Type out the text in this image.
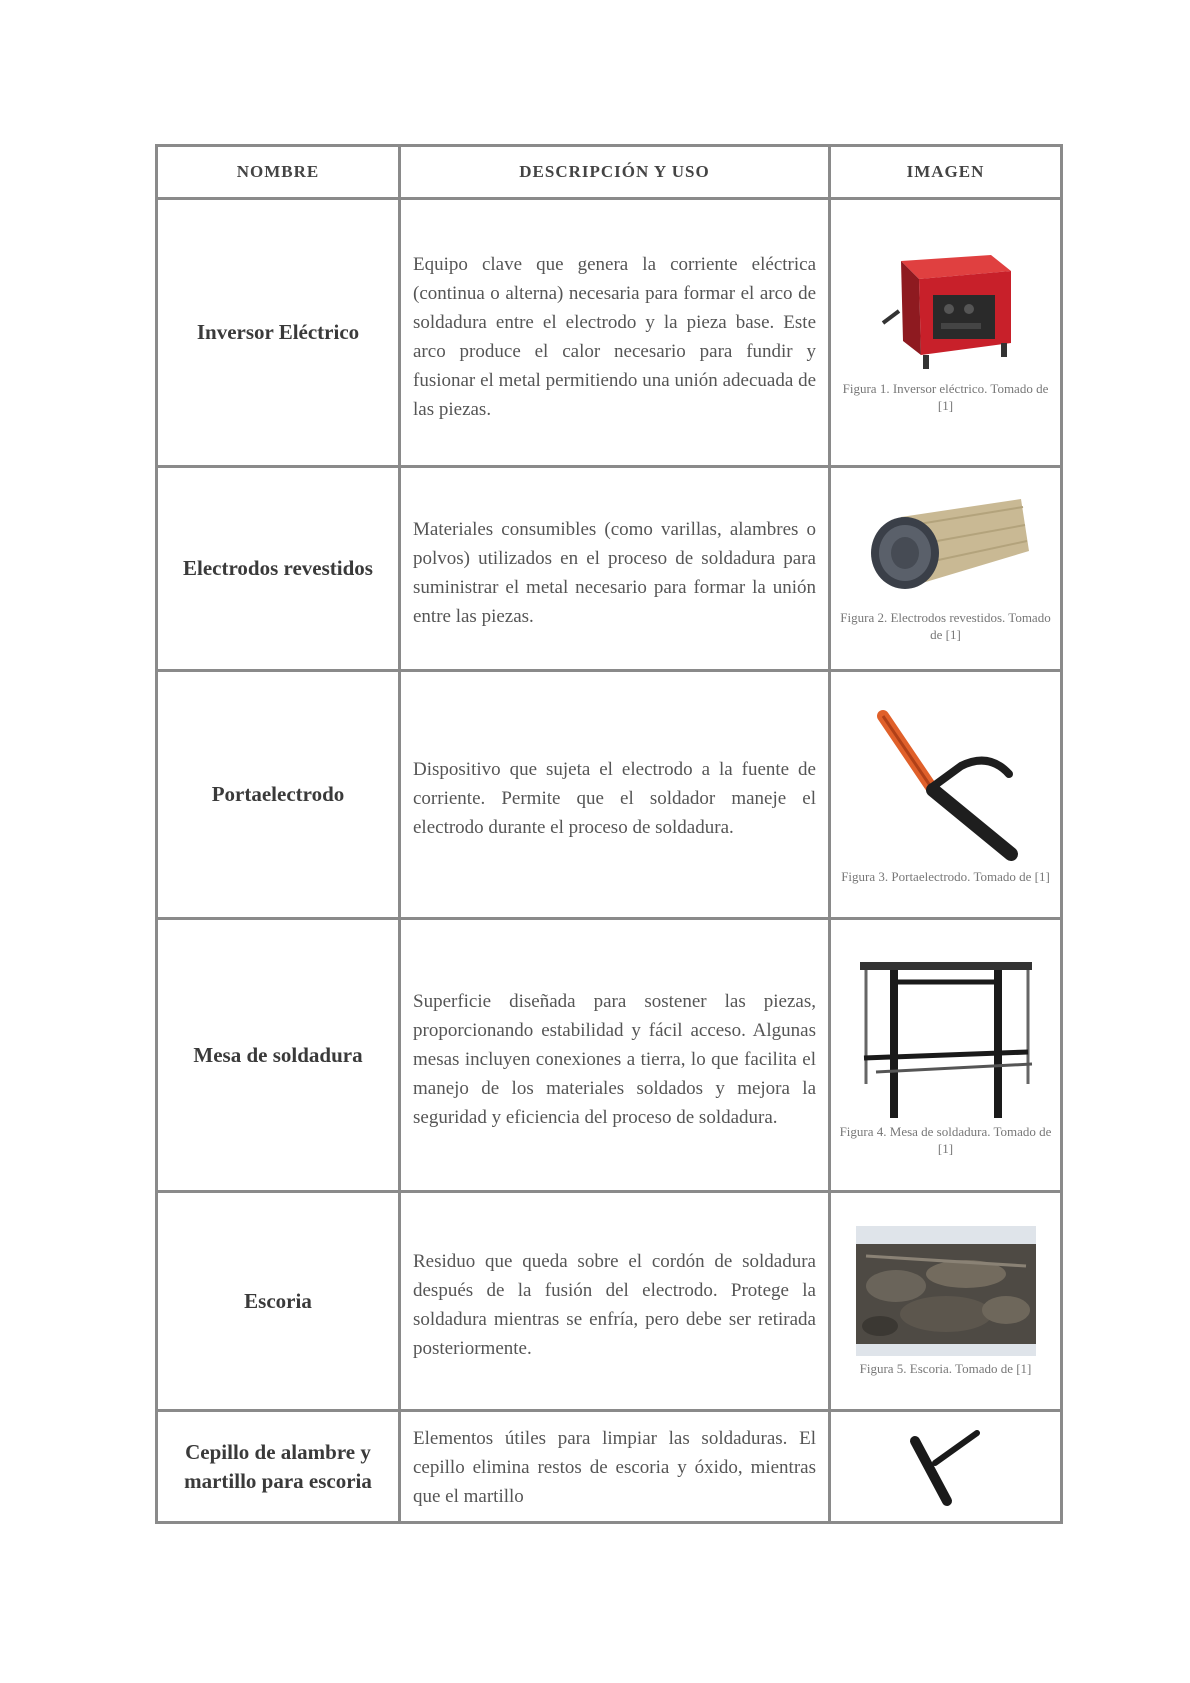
NOMBRE	DESCRIPCIÓN Y USO	IMAGEN
Inversor Eléctrico	Equipo clave que genera la corriente eléctrica (continua o alterna) necesaria para formar el arco de soldadura entre el electrodo y la pieza base. Este arco produce el calor necesario para fundir y fusionar el metal permitiendo una unión adecuada de las piezas.	Figura 1. Inversor eléctrico. Tomado de [1]

Electrodos revestidos	Materiales consumibles (como varillas, alambres o polvos) utilizados en el proceso de soldadura para suministrar el metal necesario para formar la unión entre las piezas.	Figura 2. Electrodos revestidos. Tomado de [1]

Portaelectrodo	Dispositivo que sujeta el electrodo a la fuente de corriente. Permite que el soldador maneje el electrodo durante el proceso de soldadura.	Figura 3. Portaelectrodo. Tomado de [1]

Mesa de soldadura	Superficie diseñada para sostener las piezas, proporcionando estabilidad y fácil acceso. Algunas mesas incluyen conexiones a tierra, lo que facilita el manejo de los materiales soldados y mejora la seguridad y eficiencia del proceso de soldadura.	Figura 4. Mesa de soldadura. Tomado de [1]

Escoria	Residuo que queda sobre el cordón de soldadura después de la fusión del electrodo. Protege la soldadura mientras se enfría, pero debe ser retirada posteriormente.	Figura 5. Escoria. Tomado de [1]

Cepillo de alambre y martillo para escoria	Elementos útiles para limpiar las soldaduras. El cepillo elimina restos de escoria y óxido, mientras que el martillo	
